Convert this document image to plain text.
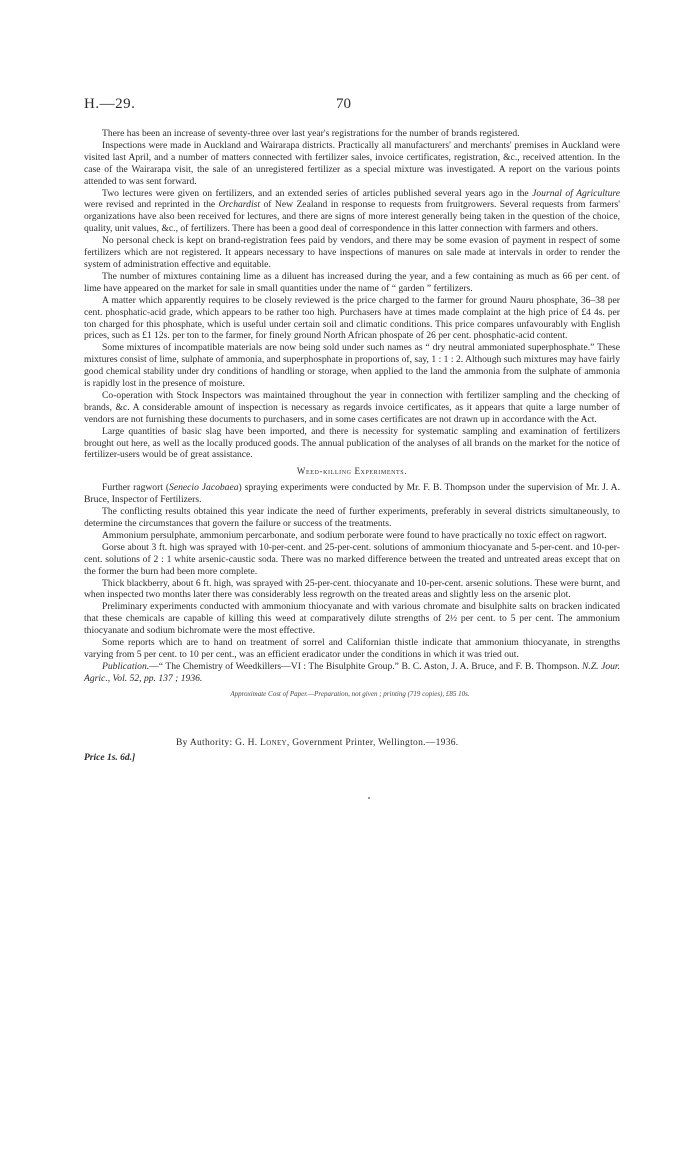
H.—29.	70

There has been an increase of seventy-three over last year's registrations for the number of brands registered.

Inspections were made in Auckland and Wairarapa districts. Practically all manufacturers' and merchants' premises in Auckland were visited last April, and a number of matters connected with fertilizer sales, invoice certificates, registration, &c., received attention. In the case of the Wairarapa visit, the sale of an unregistered fertilizer as a special mixture was investigated. A report on the various points attended to was sent forward.

Two lectures were given on fertilizers, and an extended series of articles published several years ago in the Journal of Agriculture were revised and reprinted in the Orchardist of New Zealand in response to requests from fruitgrowers. Several requests from farmers' organizations have also been received for lectures, and there are signs of more interest generally being taken in the question of the choice, quality, unit values, &c., of fertilizers. There has been a good deal of correspondence in this latter connection with farmers and others.

No personal check is kept on brand-registration fees paid by vendors, and there may be some evasion of payment in respect of some fertilizers which are not registered. It appears necessary to have inspections of manures on sale made at intervals in order to render the system of administration effective and equitable.

The number of mixtures containing lime as a diluent has increased during the year, and a few containing as much as 66 per cent. of lime have appeared on the market for sale in small quantities under the name of “ garden ” fertilizers.

A matter which apparently requires to be closely reviewed is the price charged to the farmer for ground Nauru phosphate, 36–38 per cent. phosphatic-acid grade, which appears to be rather too high. Purchasers have at times made complaint at the high price of £4 4s. per ton charged for this phosphate, which is useful under certain soil and climatic conditions. This price compares unfavourably with English prices, such as £1 12s. per ton to the farmer, for finely ground North African phospate of 26 per cent. phosphatic-acid content.

Some mixtures of incompatible materials are now being sold under such names as “ dry neutral ammoniated superphosphate.” These mixtures consist of lime, sulphate of ammonia, and superphosphate in proportions of, say, 1 : 1 : 2. Although such mixtures may have fairly good chemical stability under dry conditions of handling or storage, when applied to the land the ammonia from the sulphate of ammonia is rapidly lost in the presence of moisture.

Co-operation with Stock Inspectors was maintained throughout the year in connection with fertilizer sampling and the checking of brands, &c. A considerable amount of inspection is necessary as regards invoice certificates, as it appears that quite a large number of vendors are not furnishing these documents to purchasers, and in some cases certificates are not drawn up in accordance with the Act.

Large quantities of basic slag have been imported, and there is necessity for systematic sampling and examination of fertilizers brought out here, as well as the locally produced goods. The annual publication of the analyses of all brands on the market for the notice of fertilizer-users would be of great assistance.

Weed-killing Experiments.

Further ragwort (Senecio Jacobaea) spraying experiments were conducted by Mr. F. B. Thompson under the supervision of Mr. J. A. Bruce, Inspector of Fertilizers.

The conflicting results obtained this year indicate the need of further experiments, preferably in several districts simultaneously, to determine the circumstances that govern the failure or success of the treatments.

Ammonium persulphate, ammonium percarbonate, and sodium perborate were found to have practically no toxic effect on ragwort.

Gorse about 3 ft. high was sprayed with 10-per-cent. and 25-per-cent. solutions of ammonium thiocyanate and 5-per-cent. and 10-per-cent. solutions of 2 : 1 white arsenic-caustic soda. There was no marked difference between the treated and untreated areas except that on the former the burn had been more complete.

Thick blackberry, about 6 ft. high, was sprayed with 25-per-cent. thiocyanate and 10-per-cent. arsenic solutions. These were burnt, and when inspected two months later there was considerably less regrowth on the treated areas and slightly less on the arsenic plot.

Preliminary experiments conducted with ammonium thiocyanate and with various chromate and bisulphite salts on bracken indicated that these chemicals are capable of killing this weed at comparatively dilute strengths of 2½ per cent. to 5 per cent. The ammonium thiocyanate and sodium bichromate were the most effective.

Some reports which are to hand on treatment of sorrel and Californian thistle indicate that ammonium thiocyanate, in strengths varying from 5 per cent. to 10 per cent., was an efficient eradicator under the conditions in which it was tried out.

Publication.—“ The Chemistry of Weedkillers—VI : The Bisulphite Group.” B. C. Aston, J. A. Bruce, and F. B. Thompson. N.Z. Jour. Agric., Vol. 52, pp. 137 ; 1936.

Approximate Cost of Paper.—Preparation, not given ; printing (719 copies), £85 10s.
By Authority: G. H. Loney, Government Printer, Wellington.—1936.
Price 1s. 6d.]
